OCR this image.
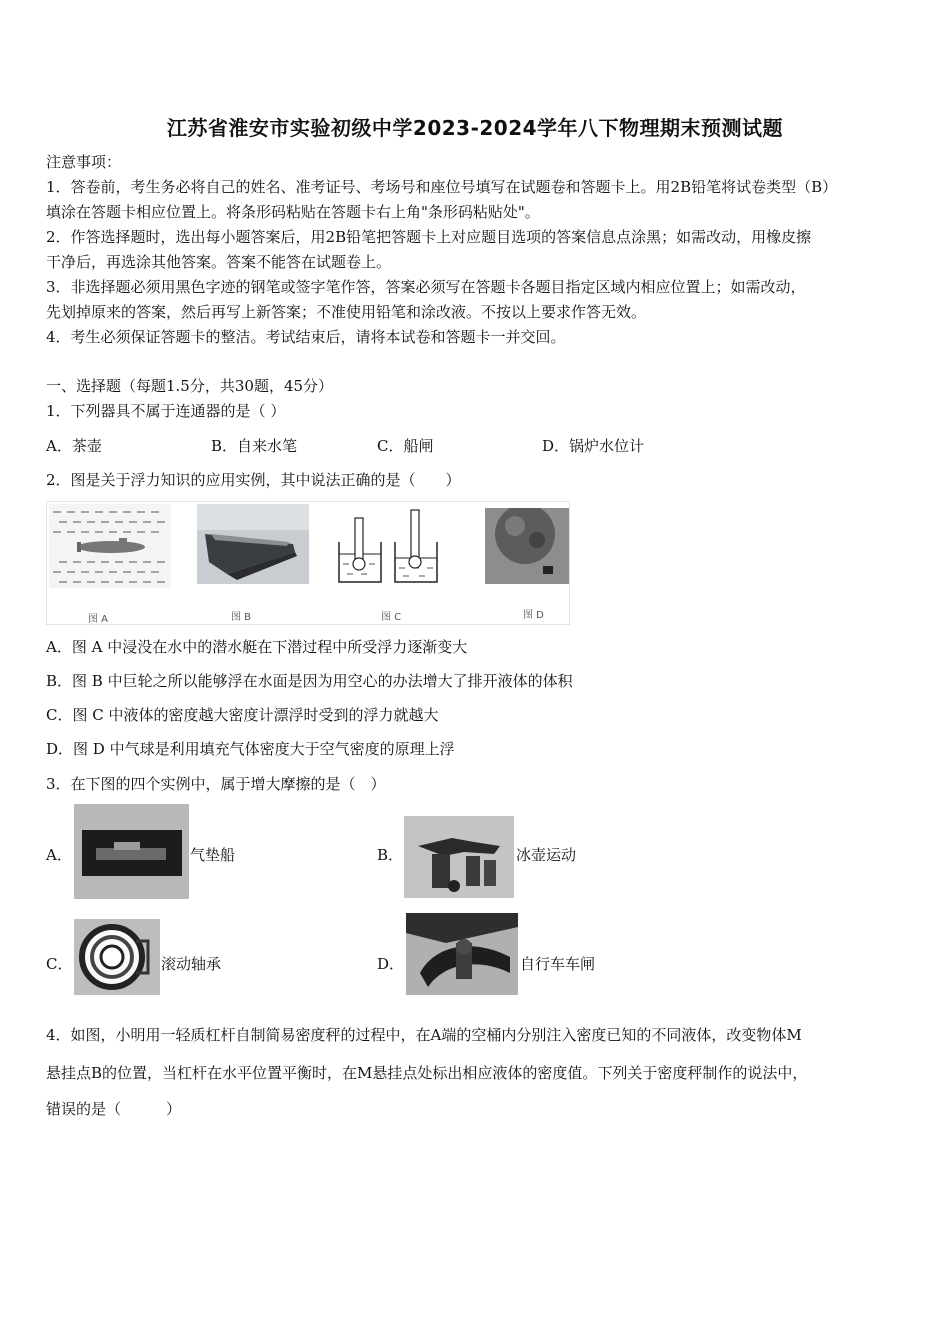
江苏省淮安市实验初级中学2023-2024学年八下物理期末预测试题
注意事项：
1．答卷前，考生务必将自己的姓名、准考证号、考场号和座位号填写在试题卷和答题卡上。用2B铅笔将试卷类型（B）
填涂在答题卡相应位置上。将条形码粘贴在答题卡右上角"条形码粘贴处"。
2．作答选择题时，选出每小题答案后，用2B铅笔把答题卡上对应题目选项的答案信息点涂黑；如需改动，用橡皮擦
干净后，再选涂其他答案。答案不能答在试题卷上。
3．非选择题必须用黑色字迹的钢笔或签字笔作答，答案必须写在答题卡各题目指定区域内相应位置上；如需改动，
先划掉原来的答案，然后再写上新答案；不准使用铅笔和涂改液。不按以上要求作答无效。
4．考生必须保证答题卡的整洁。考试结束后，请将本试卷和答题卡一并交回。
一、选择题（每题1.5分，共30题，45分）
1．下列器具不属于连通器的是（ ）
A．茶壶	B．自来水笔	C．船闸	D．锅炉水位计
2．图是关于浮力知识的应用实例，其中说法正确的是（　　）
图 A	图 B	图 C	图 D
A．图 A 中浸没在水中的潜水艇在下潜过程中所受浮力逐渐变大
B．图 B 中巨轮之所以能够浮在水面是因为用空心的办法增大了排开液体的体积
C．图 C 中液体的密度越大密度计漂浮时受到的浮力就越大
D．图 D 中气球是利用填充气体密度大于空气密度的原理上浮
3．在下图的四个实例中，属于增大摩擦的是（　）
A．	气垫船	B．	冰壶运动
C．	滚动轴承	D．	自行车车闸
4．如图，小明用一轻质杠杆自制简易密度秤的过程中，在A端的空桶内分别注入密度已知的不同液体，改变物体M
悬挂点B的位置，当杠杆在水平位置平衡时，在M悬挂点处标出相应液体的密度值。下列关于密度秤制作的说法中，
错误的是（　　　）
